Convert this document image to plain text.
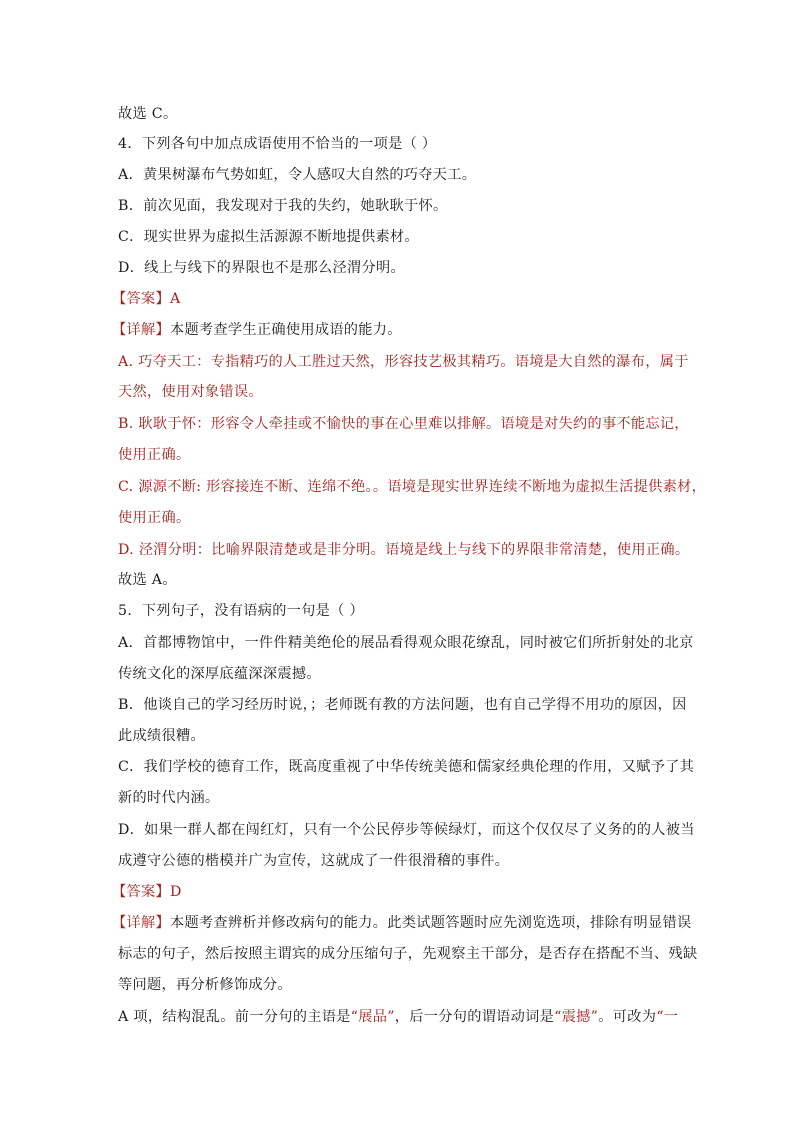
故选 C。
4．下列各句中加点成语使用不恰当的一项是（ ）
A．黄果树瀑布气势如虹，令人感叹大自然的巧夺天工。
B．前次见面，我发现对于我的失约，她耿耿于怀。
C．现实世界为虚拟生活源源不断地提供素材。
D．线上与线下的界限也不是那么泾渭分明。
【答案】A
【详解】本题考查学生正确使用成语的能力。
A. 巧夺天工：专指精巧的人工胜过天然，形容技艺极其精巧。语境是大自然的瀑布，属于
天然，使用对象错误。
B. 耿耿于怀：形容令人牵挂或不愉快的事在心里难以排解。语境是对失约的事不能忘记，
使用正确。
C. 源源不断: 形容接连不断、连绵不绝。。语境是现实世界连续不断地为虚拟生活提供素材，
使用正确。
D. 泾渭分明：比喻界限清楚或是非分明。语境是线上与线下的界限非常清楚，使用正确。
故选 A。
5．下列句子，没有语病的一句是（ ）
A．首都博物馆中，一件件精美绝伦的展品看得观众眼花缭乱，同时被它们所折射处的北京
传统文化的深厚底蕴深深震撼。
B．他谈自己的学习经历时说，；老师既有教的方法问题，也有自己学得不用功的原因，因
此成绩很糟。
C．我们学校的德育工作，既高度重视了中华传统美德和儒家经典伦理的作用，又赋予了其
新的时代内涵。
D．如果一群人都在闯红灯，只有一个公民停步等候绿灯，而这个仅仅尽了义务的的人被当
成遵守公德的楷模并广为宣传，这就成了一件很滑稽的事件。
【答案】D
【详解】本题考查辨析并修改病句的能力。此类试题答题时应先浏览选项，排除有明显错误
标志的句子，然后按照主谓宾的成分压缩句子，先观察主干部分，是否存在搭配不当、残缺
等问题，再分析修饰成分。
A 项，结构混乱。前一分句的主语是“展品”，后一分句的谓语动词是“震撼”。可改为“一
